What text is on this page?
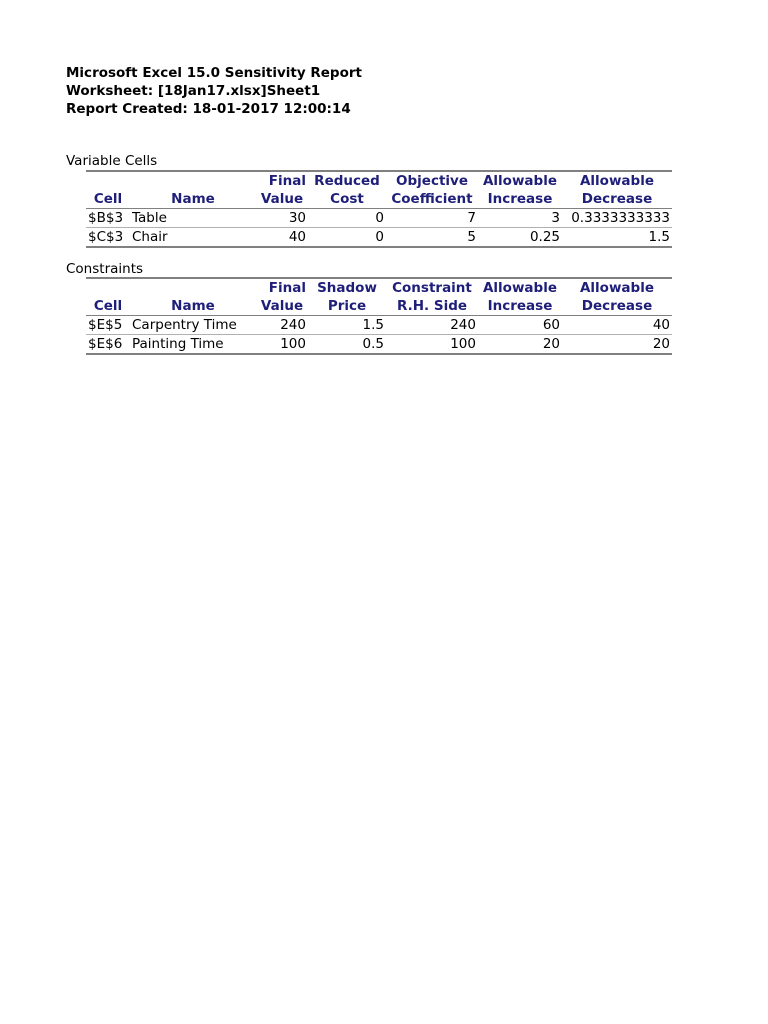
Microsoft Excel 15.0 Sensitivity Report
Worksheet: [18Jan17.xlsx]Sheet1
Report Created: 18-01-2017 12:00:14
Variable Cells
		Final	Reduced	Objective	Allowable	Allowable
Cell	Name	Value	Cost	Coefficient	Increase	Decrease
$B$3	Table	30	0	7	3	0.3333333333
$C$3	Chair	40	0	5	0.25	1.5
Constraints
		Final	Shadow	Constraint	Allowable	Allowable
Cell	Name	Value	Price	R.H. Side	Increase	Decrease
$E$5	Carpentry Time	240	1.5	240	60	40
$E$6	Painting Time	100	0.5	100	20	20
